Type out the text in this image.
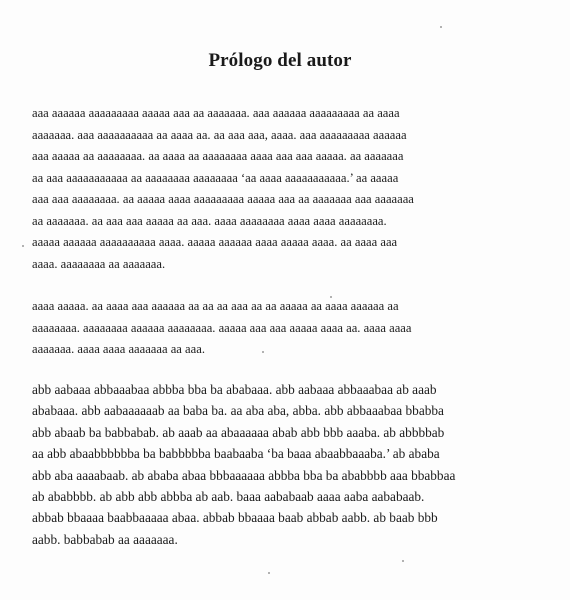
Prólogo del autor

aaa aaaaaa aaaaaaaaa aaaaa aaa aa aaaaaaa. aaa aaaaaa aaaaaaaaa aa aaaa
aaaaaaa. aaa aaaaaaaaaa aa aaaa aa. aa aaa aaa, aaaa. aaa aaaaaaaaa aaaaaa
aaa aaaaa aa aaaaaaaa. aa aaaa aa aaaaaaaa aaaa aaa aaa aaaaa. aa aaaaaaa
aa aaa aaaaaaaaaaa aa aaaaaaaa aaaaaaaa ‘aa aaaa aaaaaaaaaaa.’ aa aaaaa
aaa aaa aaaaaaaa. aa aaaaa aaaa aaaaaaaaa aaaaa aaa aa aaaaaaa aaa aaaaaaa
aa aaaaaaa. aa aaa aaa aaaaa aa aaa. aaaa aaaaaaaa aaaa aaaa aaaaaaaa.
aaaaa aaaaaa aaaaaaaaaa aaaa. aaaaa aaaaaa aaaa aaaaa aaaa. aa aaaa aaa
aaaa. aaaaaaaa aa aaaaaaa.

aaaa aaaaa. aa aaaa aaa aaaaaa aa aa aa aaa aa aa aaaaa aa aaaa aaaaaa aa
aaaaaaaa. aaaaaaaa aaaaaa aaaaaaaa. aaaaa aaa aaa aaaaa aaaa aa. aaaa aaaa
aaaaaaa. aaaa aaaa aaaaaaa aa aaa.

abb aabaaa abbaaabaa abbba bba ba ababaaa. abb aabaaa abbaaabaa ab aaab
ababaaa. abb aabaaaaaab aa baba ba. aa aba aba, abba. abb abbaaabaa bbabba
abb abaab ba babbabab. ab aaab aa abaaaaaa abab abb bbb aaaba. ab abbbbab
aa abb abaabbbbbba ba babbbbba baabaaba ‘ba baaa abaabbaaaba.’ ab ababa
abb aba aaaabaab. ab ababa abaa bbbaaaaaa abbba bba ba ababbbb aaa bbabbaa
ab ababbbb. ab abb abb abbba ab aab. baaa aababaab aaaa aaba aababaab.
abbab bbaaaa baabbaaaaa abaa. abbab bbaaaa baab abbab aabb. ab baab bbb
aabb. babbabab aa aaaaaaa.
